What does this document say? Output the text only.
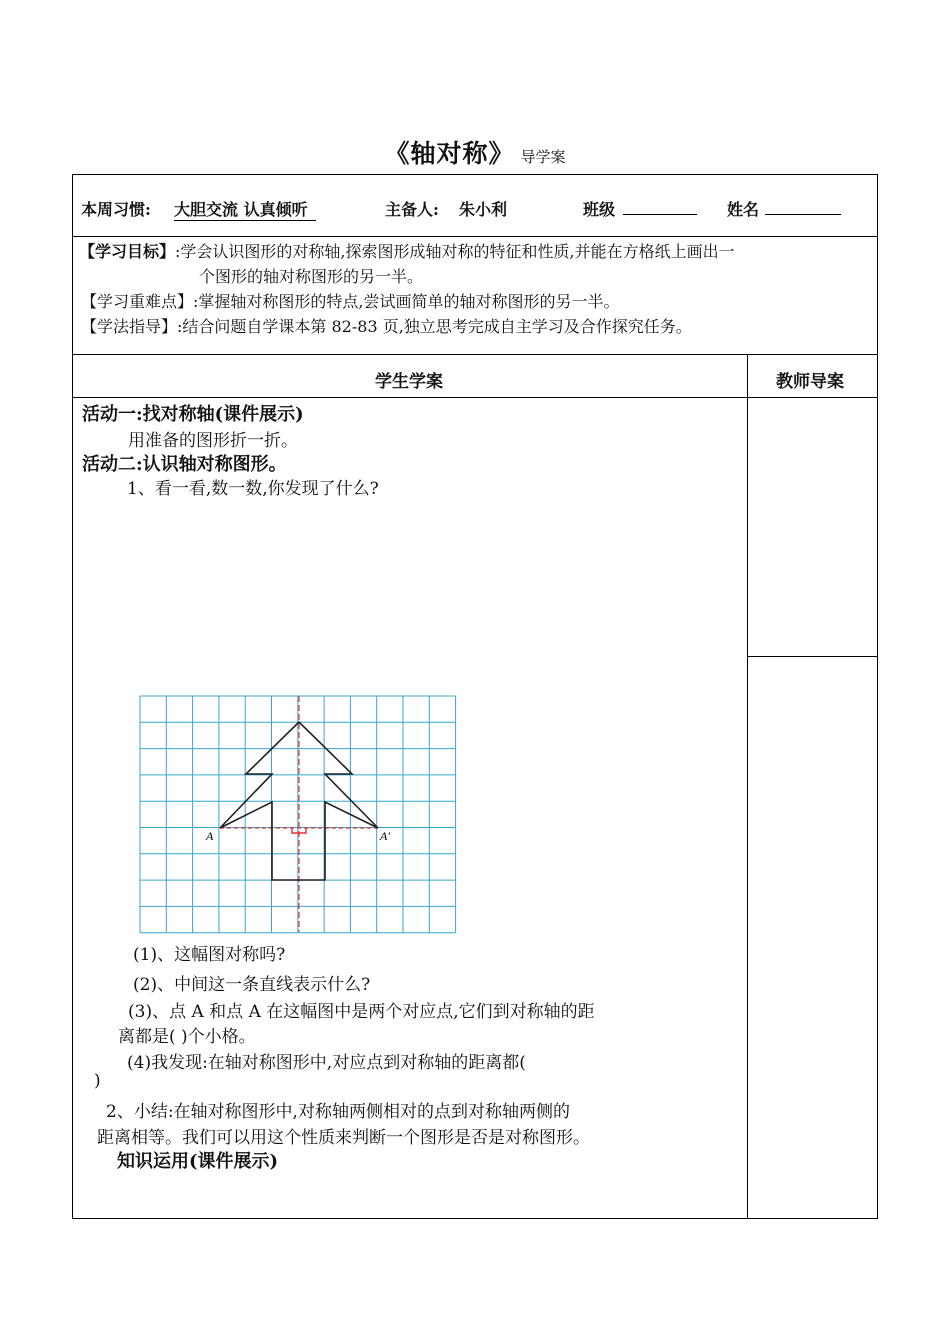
《轴对称》 导学案
本周习惯: 大胆交流 认真倾听	主备人: 朱小利	班级	姓名
【学习目标】:学会认识图形的对称轴,探索图形成轴对称的特征和性质,并能在方格纸上画出一
个图形的轴对称图形的另一半。
【学习重难点】:掌握轴对称图形的特点,尝试画简单的轴对称图形的另一半。
【学法指导】:结合问题自学课本第 82-83 页,独立思考完成自主学习及合作探究任务。
学生学案	教师导案
活动一:找对称轴(课件展示)
用准备的图形折一折。
活动二:认识轴对称图形。
1、看一看,数一数,你发现了什么?
(1)、这幅图对称吗?
(2)、中间这一条直线表示什么?
(3)、点 A 和点 A 在这幅图中是两个对应点,它们到对称轴的距
离都是( )个小格。
(4)我发现:在轴对称图形中,对应点到对称轴的距离都(
)
2、小结:在轴对称图形中,对称轴两侧相对的点到对称轴两侧的
距离相等。我们可以用这个性质来判断一个图形是否是对称图形。
知识运用(课件展示)
A	A′
